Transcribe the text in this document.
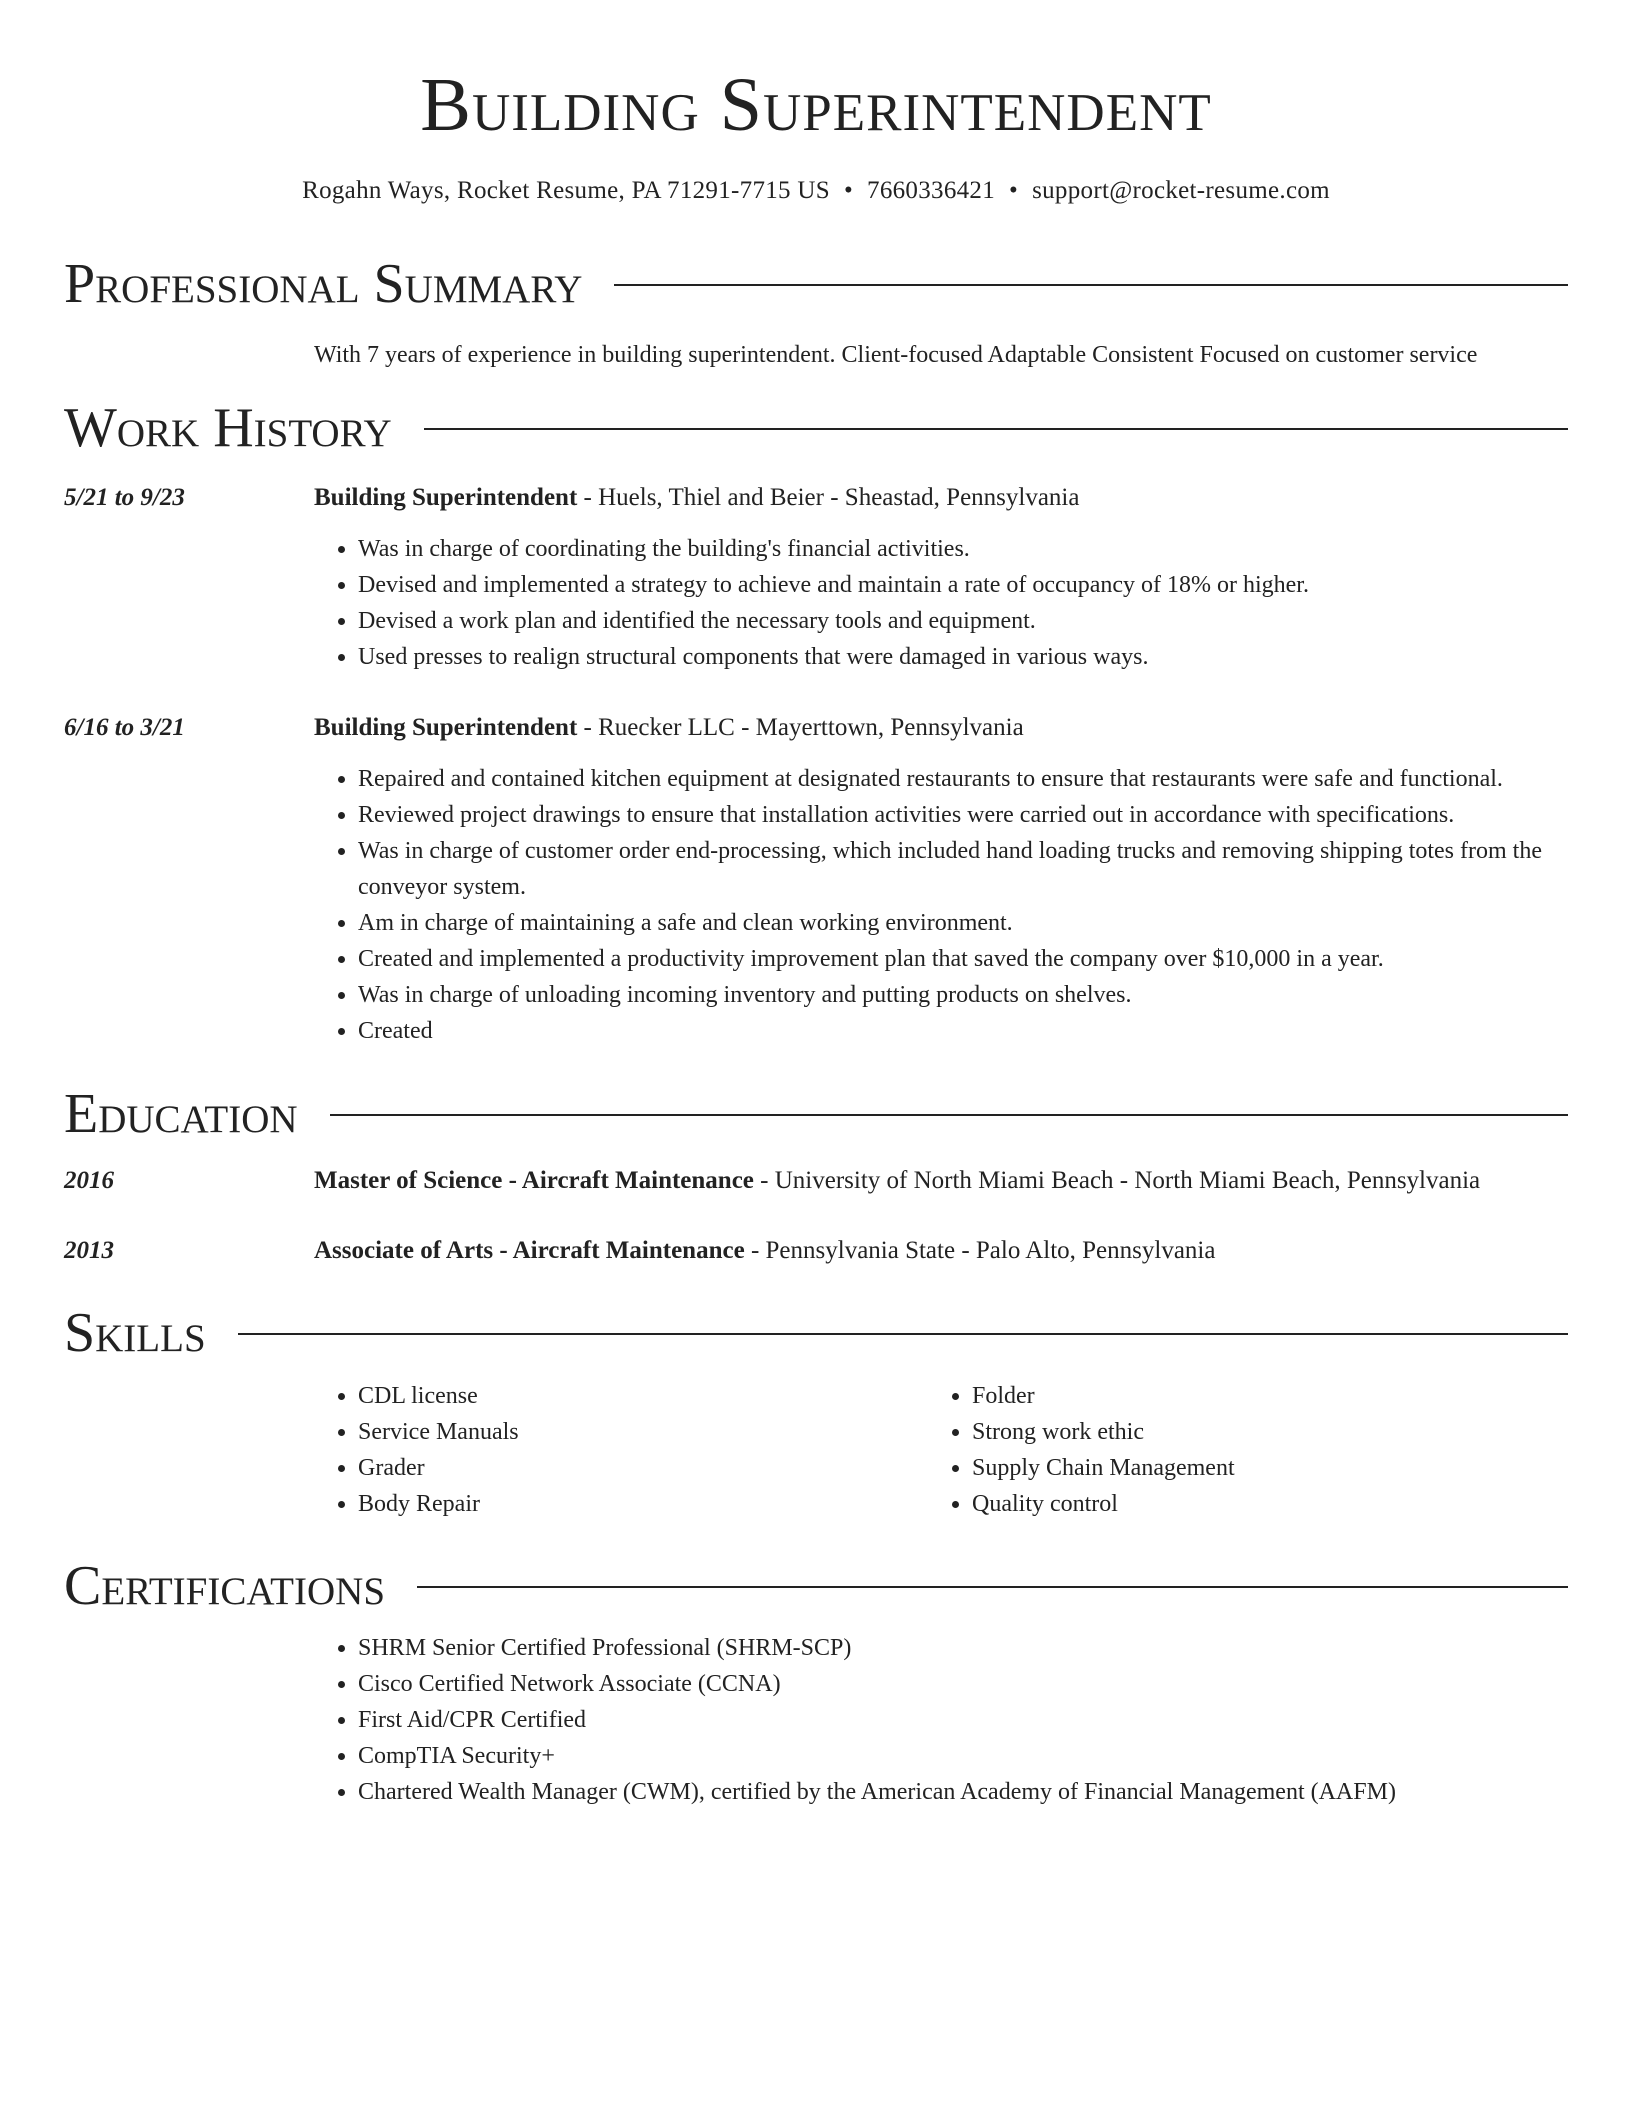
Building Superintendent
Rogahn Ways, Rocket Resume, PA 71291-7715 US • 7660336421 • support@rocket-resume.com
Professional Summary

With 7 years of experience in building superintendent. Client-focused Adaptable Consistent Focused on customer service

Work History
5/21 to 9/23	Building Superintendent - Huels, Thiel and Beier - Sheastad, Pennsylvania
• Was in charge of coordinating the building's financial activities.
• Devised and implemented a strategy to achieve and maintain a rate of occupancy of 18% or higher.
• Devised a work plan and identified the necessary tools and equipment.
• Used presses to realign structural components that were damaged in various ways.
6/16 to 3/21	Building Superintendent - Ruecker LLC - Mayerttown, Pennsylvania
• Repaired and contained kitchen equipment at designated restaurants to ensure that restaurants were safe and functional.
• Reviewed project drawings to ensure that installation activities were carried out in accordance with specifications.
• Was in charge of customer order end-processing, which included hand loading trucks and removing shipping totes from the conveyor system.
• Am in charge of maintaining a safe and clean working environment.
• Created and implemented a productivity improvement plan that saved the company over $10,000 in a year.
• Was in charge of unloading incoming inventory and putting products on shelves.
• Created
Education
2016	Master of Science - Aircraft Maintenance - University of North Miami Beach - North Miami Beach, Pennsylvania
2013	Associate of Arts - Aircraft Maintenance - Pennsylvania State - Palo Alto, Pennsylvania
Skills
• CDL license
• Service Manuals
• Grader
• Body Repair
• Folder
• Strong work ethic
• Supply Chain Management
• Quality control
Certifications
• SHRM Senior Certified Professional (SHRM-SCP)
• Cisco Certified Network Associate (CCNA)
• First Aid/CPR Certified
• CompTIA Security+
• Chartered Wealth Manager (CWM), certified by the American Academy of Financial Management (AAFM)
